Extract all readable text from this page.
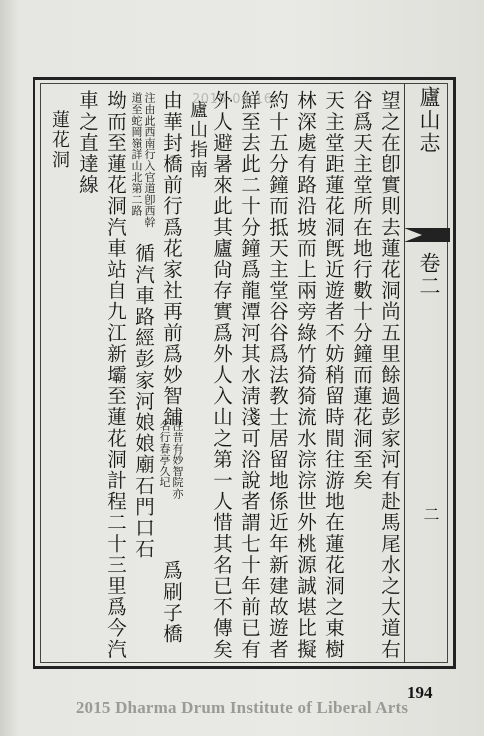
廬山志
卷二
二
望之在卽實則去蓮花洞尚五里餘過彭家河有赴馬尾水之大道右
谷爲天主堂所在地行數十分鐘而蓮花洞至矣
天主堂距蓮花洞旣近遊者不妨稍留時間往游地在蓮花洞之東樹
林深處有路沿坡而上兩旁綠竹猗猗流水淙淙世外桃源誠堪比擬
約十五分鐘而抵天主堂谷谷爲法教士居留地係近年新建故遊者
鮮至去此二十分鐘爲龍潭河其水淸淺可浴說者謂七十年前已有
外人避暑來此其廬尙存實爲外人入山之第一人惜其名已不傳矣
廬山指南
由華封橋前行爲花家社再前爲妙智舖
注昔有妙智院亦
名行春亭久圮
爲刷子橋
注由此西南行入官道卽西幹
道至蛇岡嶺詳山北第二路
循汽車路經彭家河娘娘廟石門口石
坳而至蓮花洞汽車站自九江新壩至蓮花洞計程二十三里爲今汽
車之直達線
蓮花洞
2015-04-16
194
2015 Dharma Drum Institute of Liberal Arts
